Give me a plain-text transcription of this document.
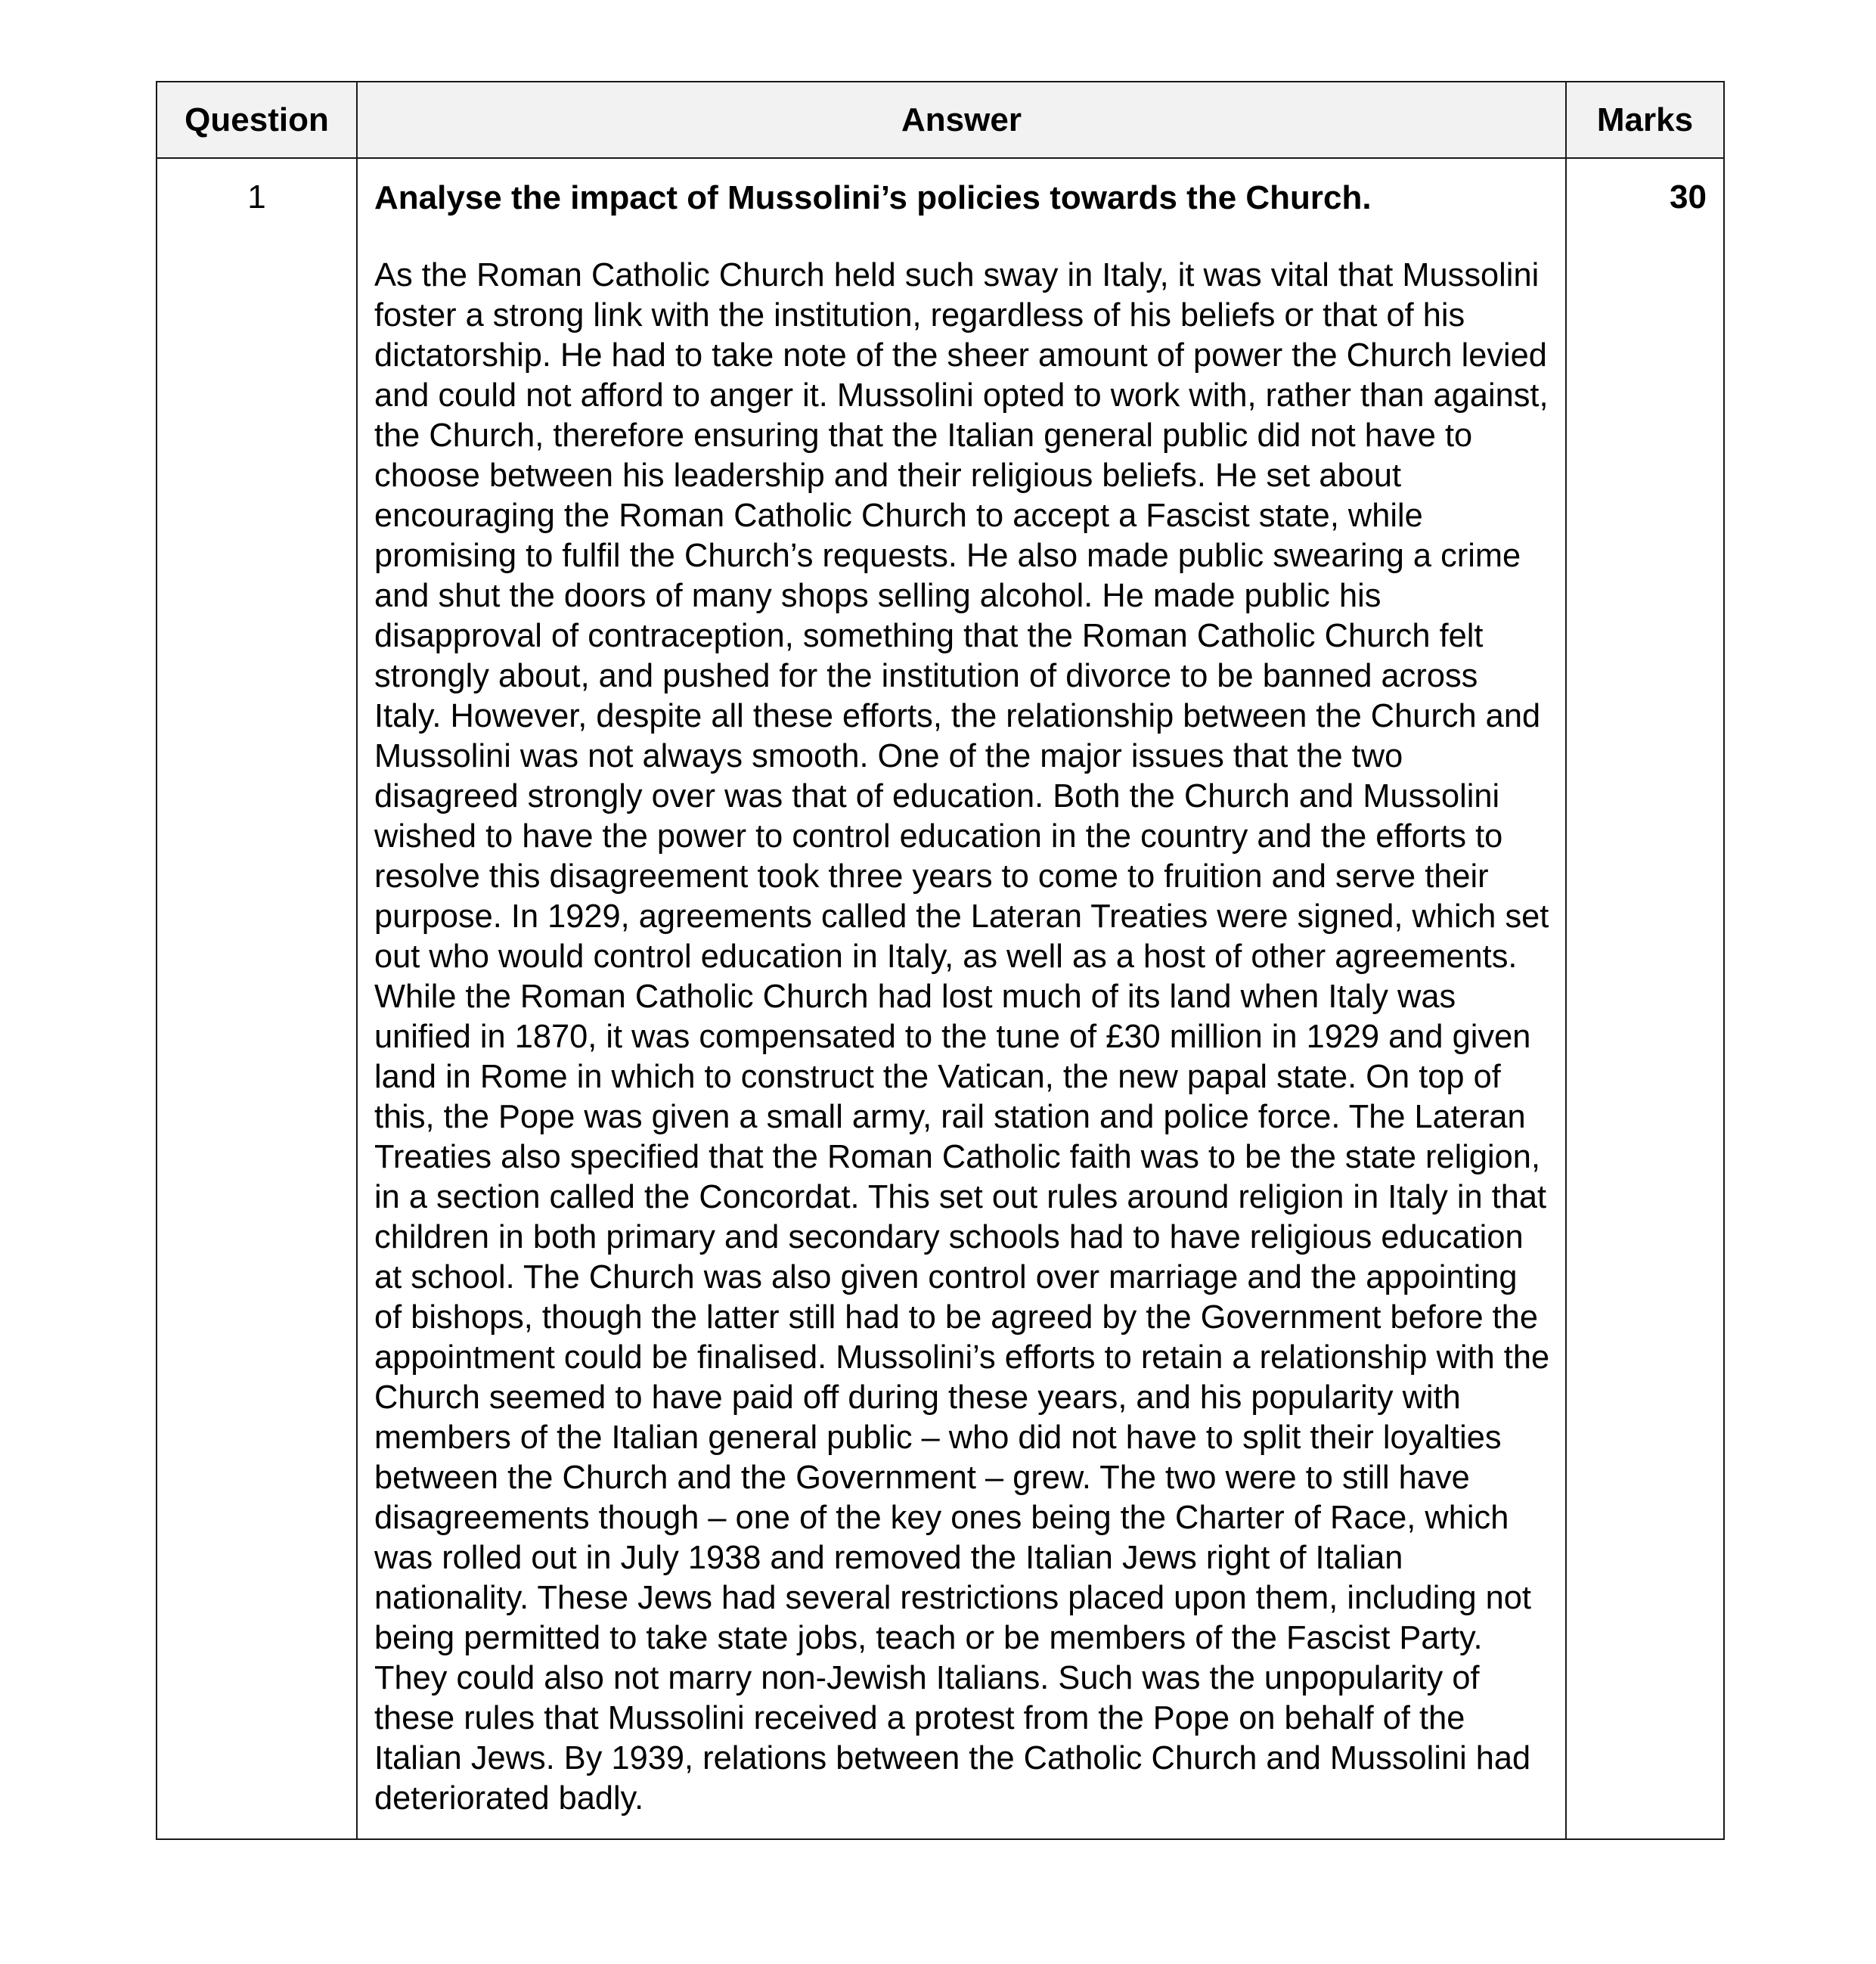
Question	Answer	Marks
1	Analyse the impact of Mussolini’s policies towards the Church.

As the Roman Catholic Church held such sway in Italy, it was vital that Mussolini foster a strong link with the institution, regardless of his beliefs or that of his dictatorship. He had to take note of the sheer amount of power the Church levied and could not afford to anger it. Mussolini opted to work with, rather than against, the Church, therefore ensuring that the Italian general public did not have to choose between his leadership and their religious beliefs. He set about encouraging the Roman Catholic Church to accept a Fascist state, while promising to fulfil the Church’s requests. He also made public swearing a crime and shut the doors of many shops selling alcohol. He made public his disapproval of contraception, something that the Roman Catholic Church felt strongly about, and pushed for the institution of divorce to be banned across Italy. However, despite all these efforts, the relationship between the Church and Mussolini was not always smooth. One of the major issues that the two disagreed strongly over was that of education. Both the Church and Mussolini wished to have the power to control education in the country and the efforts to resolve this disagreement took three years to come to fruition and serve their purpose. In 1929, agreements called the Lateran Treaties were signed, which set out who would control education in Italy, as well as a host of other agreements. While the Roman Catholic Church had lost much of its land when Italy was unified in 1870, it was compensated to the tune of £30 million in 1929 and given land in Rome in which to construct the Vatican, the new papal state. On top of this, the Pope was given a small army, rail station and police force. The Lateran Treaties also specified that the Roman Catholic faith was to be the state religion, in a section called the Concordat. This set out rules around religion in Italy in that children in both primary and secondary schools had to have religious education at school. The Church was also given control over marriage and the appointing of bishops, though the latter still had to be agreed by the Government before the appointment could be finalised. Mussolini’s efforts to retain a relationship with the Church seemed to have paid off during these years, and his popularity with members of the Italian general public – who did not have to split their loyalties between the Church and the Government – grew. The two were to still have disagreements though – one of the key ones being the Charter of Race, which was rolled out in July 1938 and removed the Italian Jews right of Italian nationality. These Jews had several restrictions placed upon them, including not being permitted to take state jobs, teach or be members of the Fascist Party. They could also not marry non-Jewish Italians. Such was the unpopularity of these rules that Mussolini received a protest from the Pope on behalf of the Italian Jews. By 1939, relations between the Catholic Church and Mussolini had deteriorated badly.	30
